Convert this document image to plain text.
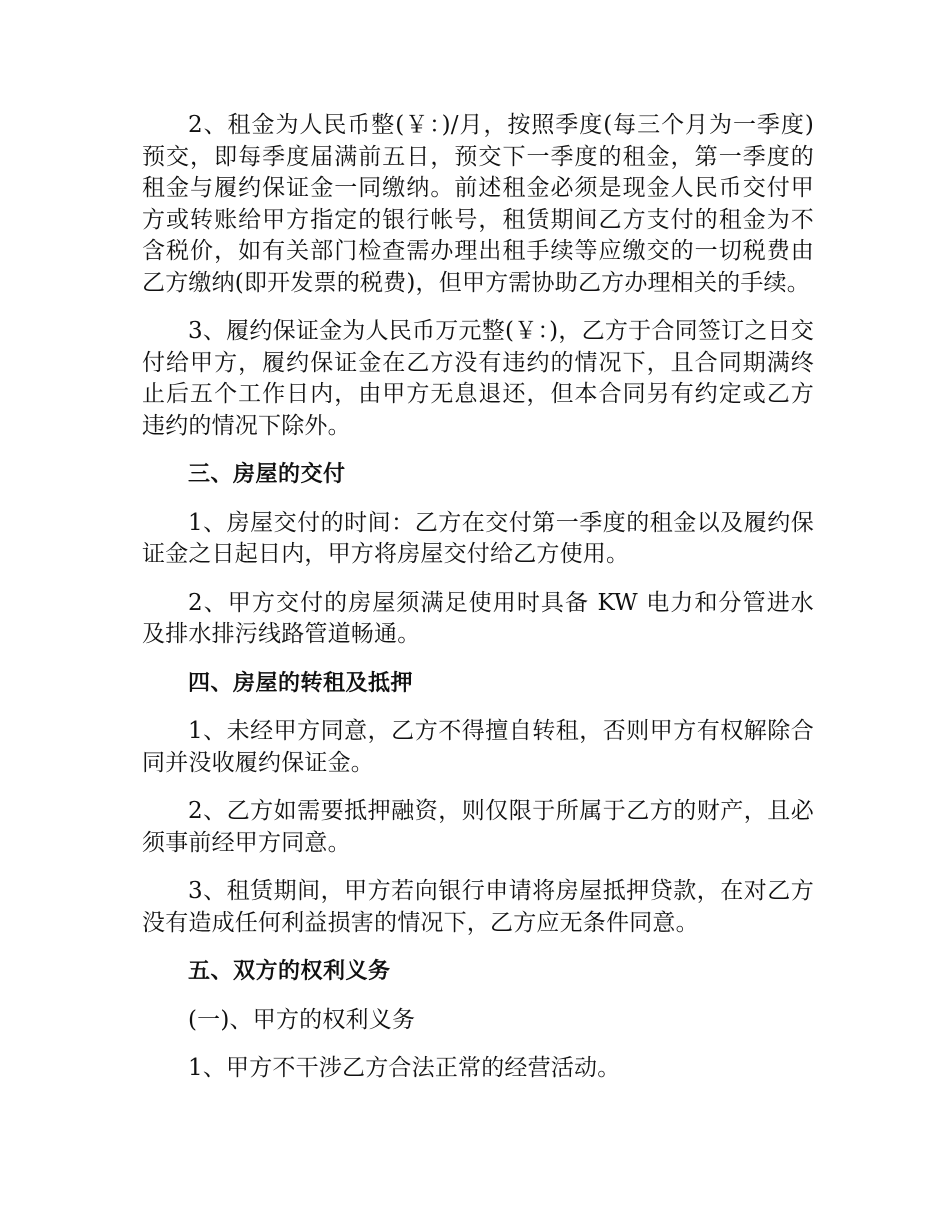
2、租金为人民币整(￥：)/月，按照季度(每三个月为一季度)预交，即每季度届满前五日，预交下一季度的租金，第一季度的租金与履约保证金一同缴纳。前述租金必须是现金人民币交付甲方或转账给甲方指定的银行帐号，租赁期间乙方支付的租金为不含税价，如有关部门检查需办理出租手续等应缴交的一切税费由乙方缴纳(即开发票的税费)，但甲方需协助乙方办理相关的手续。

3、履约保证金为人民币万元整(￥：)，乙方于合同签订之日交付给甲方，履约保证金在乙方没有违约的情况下，且合同期满终止后五个工作日内，由甲方无息退还，但本合同另有约定或乙方违约的情况下除外。

三、房屋的交付

1、房屋交付的时间：乙方在交付第一季度的租金以及履约保证金之日起日内，甲方将房屋交付给乙方使用。

2、甲方交付的房屋须满足使用时具备 KW 电力和分管进水及排水排污线路管道畅通。

四、房屋的转租及抵押

1、未经甲方同意，乙方不得擅自转租，否则甲方有权解除合同并没收履约保证金。

2、乙方如需要抵押融资，则仅限于所属于乙方的财产，且必须事前经甲方同意。

3、租赁期间，甲方若向银行申请将房屋抵押贷款，在对乙方没有造成任何利益损害的情况下，乙方应无条件同意。

五、双方的权利义务

(一)、甲方的权利义务

1、甲方不干涉乙方合法正常的经营活动。
